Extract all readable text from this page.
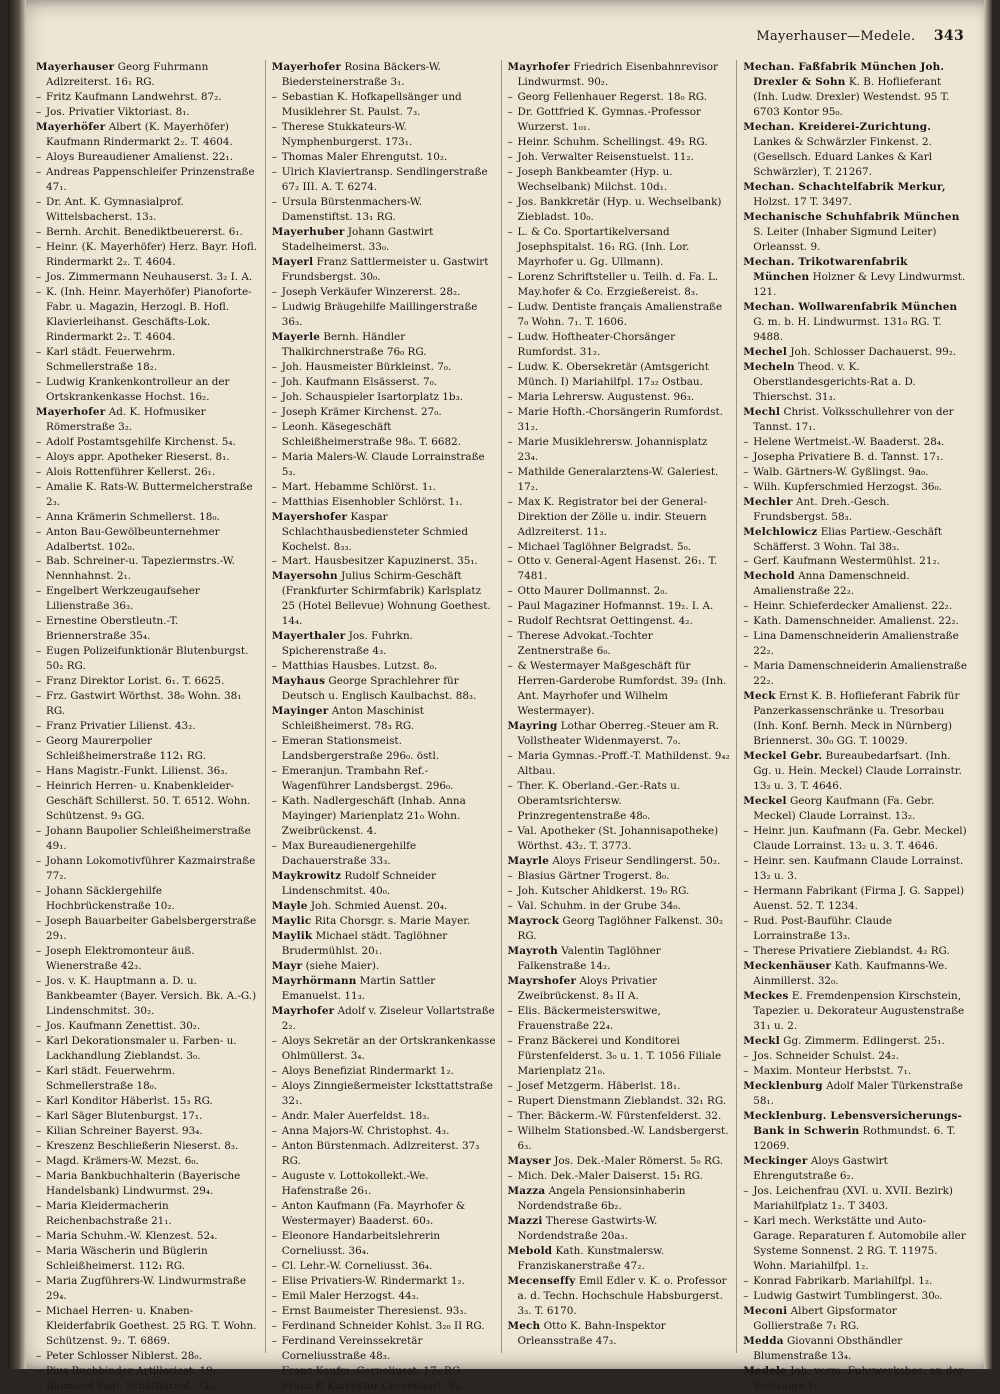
Mayerhauser—Medele. 343

Mayerhauser Georg Fuhrmann Adlzreiterst. 16₁ RG.

– Fritz Kaufmann Landwehrst. 87₂.

– Jos. Privatier Viktoriast. 8₁.

Mayerhöfer Albert (K. Mayerhöfer) Kaufmann Rindermarkt 2₂. T. 4604.

– Aloys Bureaudiener Amalienst. 22₁.

– Andreas Pappenschleifer Prinzenstraße 47₁.

– Dr. Ant. K. Gymnasialprof. Wittelsbacherst. 13₃.

– Bernh. Archit. Benediktbeuererst. 6₁.

– Heinr. (K. Mayerhöfer) Herz. Bayr. Hofl. Rindermarkt 2₂. T. 4604.

– Jos. Zimmermann Neuhauserst. 3₂ I. A.

– K. (Inh. Heinr. Mayerhöfer) Pianoforte-Fabr. u. Magazin, Herzogl. B. Hofl. Klavierleihanst. Geschäfts-Lok. Rindermarkt 2₂. T. 4604.

– Karl städt. Feuerwehrm. Schmellerstraße 18₂.

– Ludwig Krankenkontrolleur an der Ortskrankenkasse Hochst. 16₂.

Mayerhofer Ad. K. Hofmusiker Römerstraße 3₂.

– Adolf Postamtsgehilfe Kirchenst. 5₄.

– Aloys appr. Apotheker Rieserst. 8₁.

– Alois Rottenführer Kellerst. 26₁.

– Amalie K. Rats-W. Buttermelcherstraße 2₃.

– Anna Krämerin Schmellerst. 18₀.

– Anton Bau-Gewölbeunternehmer Adalbertst. 102₀.

– Bab. Schreiner-u. Tapeziermstrs.-W. Nennhahnst. 2₁.

– Engelbert Werkzeugaufseher Lilienstraße 36₃.

– Ernestine Oberstleutn.-T. Briennerstraße 35₄.

– Eugen Polizeifunktionär Blutenburgst. 50₂ RG.

– Franz Direktor Lorist. 6₁. T. 6625.

– Frz. Gastwirt Wörthst. 38₀ Wohn. 38₁ RG.

– Franz Privatier Lilienst. 43₂.

– Georg Maurerpolier Schleißheimerstraße 112₁ RG.

– Hans Magistr.-Funkt. Lilienst. 36₃.

– Heinrich Herren- u. Knabenkleider-Geschäft Schillerst. 50. T. 6512. Wohn. Schützenst. 9₃ GG.

– Johann Baupolier Schleißheimerstraße 49₁.

– Johann Lokomotivführer Kazmairstraße 77₂.

– Johann Säcklergehilfe Hochbrückenstraße 10₂.

– Joseph Bauarbeiter Gabelsbergerstraße 29₁.

– Joseph Elektromonteur äuß. Wienerstraße 42₃.

– Jos. v. K. Hauptmann a. D. u. Bankbeamter (Bayer. Versich. Bk. A.-G.) Lindenschmitst. 30₂.

– Jos. Kaufmann Zenettist. 30₂.

– Karl Dekorationsmaler u. Farben- u. Lackhandlung Zieblandst. 3₀.

– Karl städt. Feuerwehrm. Schmellerstraße 18₀.

– Karl Konditor Häberlst. 15₃ RG.

– Karl Säger Blutenburgst. 17₁.

– Kilian Schreiner Bayerst. 93₄.

– Kreszenz Beschließerin Nieserst. 8₃.

– Magd. Krämers-W. Mezst. 6₀.

– Maria Bankbuchhalterin (Bayerische Handelsbank) Lindwurmst. 29₄.

– Maria Kleidermacherin Reichenbachstraße 21₁.

– Maria Schuhm.-W. Klenzest. 52₄.

– Maria Wäscherin und Büglerin Schleißheimerst. 112₁ RG.

– Maria Zugführers-W. Lindwurmstraße 29₄.

– Michael Herren- u. Knaben-Kleiderfabrik Goethest. 25 RG. T. Wohn. Schützenst. 9₂. T. 6869.

– Peter Schlosser Niblerst. 28₀.

– Pius Buchbinder Artilleriest. 19₂.

– Raimund Tagl. Schäftlarnst. 72₁.

Mayerhofer Rosina Bäckers-W. Biedersteinerstraße 3₁.

– Sebastian K. Hofkapellsänger und Musiklehrer St. Paulst. 7₃.

– Therese Stukkateurs-W. Nymphenburgerst. 173₁.

– Thomas Maler Ehrengutst. 10₂.

– Ulrich Klaviertransp. Sendlingerstraße 67₂ III. A. T. 6274.

– Ursula Bürstenmachers-W. Damenstiftst. 13₁ RG.

Mayerhuber Johann Gastwirt Stadelheimerst. 33₀.

Mayerl Franz Sattlermeister u. Gastwirt Frundsbergst. 30₀.

– Joseph Verkäufer Winzererst. 28₂.

– Ludwig Bräugehilfe Maillingerstraße 36₃.

Mayerle Bernh. Händler Thalkirchnerstraße 76₀ RG.

– Joh. Hausmeister Bürkleinst. 7₀.

– Joh. Kaufmann Elsässerst. 7₀.

– Joh. Schauspieler Isartorplatz 1b₃.

– Joseph Krämer Kirchenst. 27₀.

– Leonh. Käsegeschäft Schleißheimerstraße 98₀. T. 6682.

– Maria Malers-W. Claude Lorrainstraße 5₃.

– Mart. Hebamme Schlörst. 1₁.

– Matthias Eisenhobler Schlörst. 1₁.

Mayershofer Kaspar Schlachthausbediensteter Schmied Kochelst. 8₃₃.

– Mart. Hausbesitzer Kapuzinerst. 35₁.

Mayersohn Julius Schirm-Geschäft (Frankfurter Schirmfabrik) Karlsplatz 25 (Hotel Bellevue) Wohnung Goethest. 14₄.

Mayerthaler Jos. Fuhrkn. Spicherenstraße 4₃.

– Matthias Hausbes. Lutzst. 8₀.

Mayhaus George Sprachlehrer für Deutsch u. Englisch Kaulbachst. 88₃.

Mayinger Anton Maschinist Schleißheimerst. 78₃ RG.

– Emeran Stationsmeist. Landsbergerstraße 296₀. östl.

– Emeranjun. Trambahn Ref.-Wagenführer Landsbergst. 296₀.

– Kath. Nadlergeschäft (Inhab. Anna Mayinger) Marienplatz 21₀ Wohn. Zweibrückenst. 4.

– Max Bureaudienergehilfe Dachauerstraße 33₃.

Maykrowitz Rudolf Schneider Lindenschmitst. 40₀.

Mayle Joh. Schmied Auenst. 20₄.

Maylic Rita Chorsgr. s. Marie Mayer.

Maylik Michael städt. Taglöhner Brudermühlst. 20₁.

Mayr (siehe Maier).

Mayrhörmann Martin Sattler Emanuelst. 11₃.

Mayrhofer Adolf v. Ziseleur Vollartstraße 2₂.

– Aloys Sekretär an der Ortskrankenkasse Ohlmüllerst. 3₄.

– Aloys Benefiziat Rindermarkt 1₂.

– Aloys Zinngießermeister Icksttattstraße 32₁.

– Andr. Maler Auerfeldst. 18₃.

– Anna Majors-W. Christophst. 4₃.

– Anton Bürstenmach. Adlzreiterst. 37₃ RG.

– Auguste v. Lottokollekt.-We. Hafenstraße 26₁.

– Anton Kaufmann (Fa. Mayrhofer & Westermayer) Baaderst. 60₃.

– Eleonore Handarbeitslehrerin Corneliusst. 36₄.

– Cl. Lehr.-W. Corneliusst. 36₄.

– Elise Privatiers-W. Rindermarkt 1₂.

– Emil Maler Herzogst. 44₃.

– Ernst Baumeister Theresienst. 93₃.

– Ferdinand Schneider Kohlst. 3₂₀ II RG.

– Ferdinand Vereinssekretär Corneliusstraße 48₃.

– Franz Kaufm. Corneliusst. 17₀ RG.

– Franz P. Korrektor Corneliusst. 9₃.

Mayrhofer Friedrich Eisenbahnrevisor Lindwurmst. 90₂.

– Georg Fellenhauer Regerst. 18₀ RG.

– Dr. Gottfried K. Gymnas.-Professor Wurzerst. 1₀₁.

– Heinr. Schuhm. Schellingst. 49₁ RG.

– Joh. Verwalter Reisenstuelst. 11₂.

– Joseph Bankbeamter (Hyp. u. Wechselbank) Milchst. 10d₁.

– Jos. Bankkretär (Hyp. u. Wechselbank) Ziebladst. 10₀.

– L. & Co. Sportartikelversand Josephspitalst. 16₁ RG. (Inh. Lor. Mayrhofer u. Gg. Ullmann).

– Lorenz Schriftsteller u. Teilh. d. Fa. L. May.hofer & Co. Erzgießereist. 8₃.

– Ludw. Dentiste français Amalienstraße 7₀ Wohn. 7₁. T. 1606.

– Ludw. Hoftheater-Chorsänger Rumfordst. 31₂.

– Ludw. K. Obersekretär (Amtsgericht Münch. I) Mariahilfpl. 17₃₂ Ostbau.

– Maria Lehrersw. Augustenst. 96₃.

– Marie Hofth.-Chorsängerin Rumfordst. 31₂.

– Marie Musiklehrersw. Johannisplatz 23₄.

– Mathilde Generalarztens-W. Galeriest. 17₂.

– Max K. Registrator bei der General-Direktion der Zölle u. indir. Steuern Adlzreiterst. 11₃.

– Michael Taglöhner Belgradst. 5₀.

– Otto v. General-Agent Hasenst. 26₁. T. 7481.

– Otto Maurer Dollmannst. 2₀.

– Paul Magaziner Hofmannst. 19₂. I. A.

– Rudolf Rechtsrat Oettingenst. 4₂.

– Therese Advokat.-Tochter Zentnerstraße 6₀.

– & Westermayer Maßgeschäft für Herren-Garderobe Rumfordst. 39₂ (Inh. Ant. Mayrhofer und Wilhelm Westermayer).

Mayring Lothar Oberreg.-Steuer am R. Vollstheater Widenmayerst. 7₀.

– Maria Gymnas.-Proff.-T. Mathildenst. 9₄₂ Altbau.

– Ther. K. Oberland.-Ger.-Rats u. Oberamtsrichtersw. Prinzregentenstraße 48₀.

– Val. Apotheker (St. Johannisapotheke) Wörthst. 43₂. T. 3773.

Mayrle Aloys Friseur Sendlingerst. 50₂.

– Blasius Gärtner Trogerst. 8₀.

– Joh. Kutscher Ahldkerst. 19₀ RG.

– Val. Schuhm. in der Grube 34₀.

Mayrock Georg Taglöhner Falkenst. 30₂ RG.

Mayroth Valentin Taglöhner Falkenstraße 14₂.

Mayrshofer Aloys Privatier Zweibrückenst. 8₃ II A.

– Elis. Bäckermeisterswitwe, Frauenstraße 22₄.

– Franz Bäckerei und Konditorei Fürstenfelderst. 3₀ u. 1. T. 1056 Filiale Marienplatz 21₀.

– Josef Metzgerm. Häberlst. 18₁.

– Rupert Dienstmann Zieblandst. 32₁ RG.

– Ther. Bäckerm.-W. Fürstenfelderst. 32.

– Wilhelm Stationsbed.-W. Landsbergerst. 6₃.

Mayser Jos. Dek.-Maler Römerst. 5₀ RG.

– Mich. Dek.-Maler Daiserst. 15₁ RG.

Mazza Angela Pensionsinhaberin Nordendstraße 6b₂.

Mazzi Therese Gastwirts-W. Nordendstraße 20a₃.

Mebold Kath. Kunstmalersw. Franziskanerstraße 47₂.

Mecenseffy Emil Edler v. K. o. Professor a. d. Techn. Hochschule Habsburgerst. 3₃. T. 6170.

Mech Otto K. Bahn-Inspektor Orleansstraße 47₃.

Mechan. Faßfabrik München Joh. Drexler & Sohn K. B. Hoflieferant (Inh. Ludw. Drexler) Westendst. 95 T. 6703 Kontor 95₀.

Mechan. Kreiderei-Zurichtung. Lankes & Schwärzler Finkenst. 2. (Gesellsch. Eduard Lankes & Karl Schwärzler), T. 21267.

Mechan. Schachtelfabrik Merkur, Holzst. 17 T. 3497.

Mechanische Schuhfabrik München S. Leiter (Inhaber Sigmund Leiter) Orleansst. 9.

Mechan. Trikotwarenfabrik München Holzner & Levy Lindwurmst. 121.

Mechan. Wollwarenfabrik München G. m. b. H. Lindwurmst. 131₀ RG. T. 9488.

Mechel Joh. Schlosser Dachauerst. 99₂.

Mecheln Theod. v. K. Oberstlandesgerichts-Rat a. D. Thierschst. 31₃.

Mechl Christ. Volksschullehrer von der Tannst. 17₁.

– Helene Wertmeist.-W. Baaderst. 28₄.

– Josepha Privatiere B. d. Tannst. 17₁.

– Walb. Gärtners-W. Gyßlingst. 9a₀.

– Wilh. Kupferschmied Herzogst. 36₀.

Mechler Ant. Dreh.-Gesch. Frundsbergst. 58₃.

Melchlowicz Elias Partiew.-Geschäft Schäfferst. 3 Wohn. Tal 38₃.

– Gerf. Kaufmann Westermühlst. 21₂.

Mechold Anna Damenschneid. Amalienstraße 22₂.

– Heinr. Schieferdecker Amalienst. 22₂.

– Kath. Damenschneider. Amalienst. 22₂.

– Lina Damenschneiderin Amalienstraße 22₂.

– Maria Damenschneiderin Amalienstraße 22₂.

Meck Ernst K. B. Hoflieferant Fabrik für Panzerkassenschränke u. Tresorbau (Inh. Konf. Bernh. Meck in Nürnberg) Briennerst. 30₀ GG. T. 10029.

Meckel Gebr. Bureaubedarfsart. (Inh. Gg. u. Hein. Meckel) Claude Lorrainstr. 13₂ u. 3. T. 4646.

Meckel Georg Kaufmann (Fa. Gebr. Meckel) Claude Lorrainst. 13₂.

– Heinr. jun. Kaufmann (Fa. Gebr. Meckel) Claude Lorrainst. 13₂ u. 3. T. 4646.

– Heinr. sen. Kaufmann Claude Lorrainst. 13₂ u. 3.

– Hermann Fabrikant (Firma J. G. Sappel) Auenst. 52. T. 1234.

– Rud. Post-Bauführ. Claude Lorrainstraße 13₃.

– Therese Privatiere Zieblandst. 4₂ RG.

Meckenhäuser Kath. Kaufmanns-We. Ainmillerst. 32₀.

Meckes E. Fremdenpension Kirschstein, Tapezier. u. Dekorateur Augustenstraße 31₁ u. 2.

Meckl Gg. Zimmerm. Edlingerst. 25₁.

– Jos. Schneider Schulst. 24₂.

– Maxim. Monteur Herbstst. 7₁.

Mecklenburg Adolf Maler Türkenstraße 58₁.

Mecklenburg. Lebensversicherungs-Bank in Schwerin Rothmundst. 6. T. 12069.

Meckinger Aloys Gastwirt Ehrengutstraße 6₂.

– Jos. Leichenfrau (XVI. u. XVII. Bezirk) Mariahilfplatz 1₂. T 3403.

– Karl mech. Werkstätte und Auto-Garage. Reparaturen f. Automobile aller Systeme Sonnenst. 2 RG. T. 11975. Wohn. Mariahilfpl. 1₂.

– Konrad Fabrikarb. Mariahilfpl. 1₂.

– Ludwig Gastwirt Tumblingerst. 30₀.

Meconi Albert Gipsformator Gollierstraße 7₁ RG.

Medda Giovanni Obsthändler Blumenstraße 13₄.

Medele Joh. vorm. Fuhrwerksbes. an der Schwaige 1₁.
